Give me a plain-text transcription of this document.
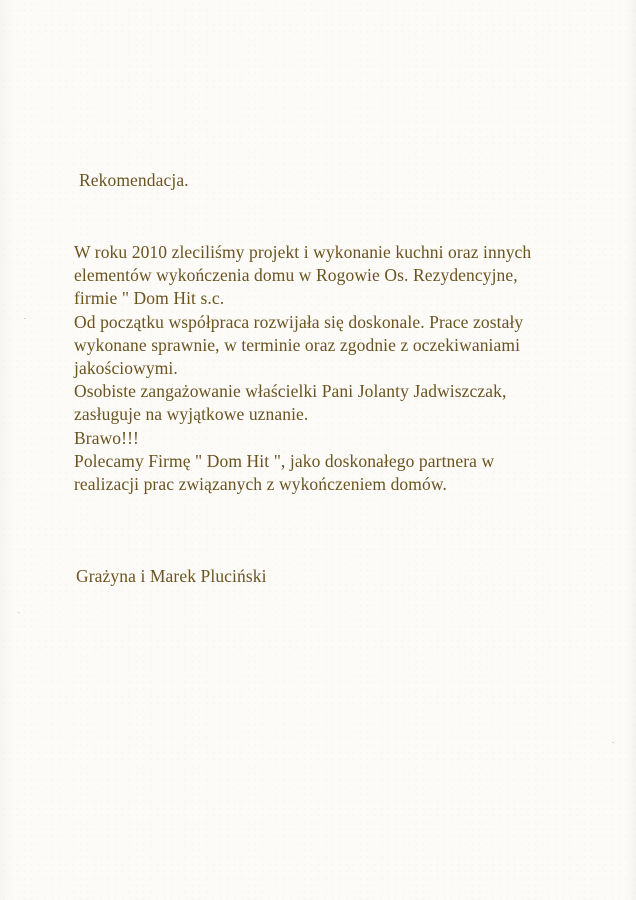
Rekomendacja.
W roku 2010 zleciliśmy projekt i wykonanie kuchni oraz innych
elementów wykończenia domu w Rogowie Os. Rezydencyjne,
firmie " Dom Hit s.c.
Od początku współpraca rozwijała się doskonale. Prace zostały
wykonane sprawnie, w terminie oraz zgodnie z oczekiwaniami
jakościowymi.
Osobiste zangażowanie właścielki Pani Jolanty Jadwiszczak,
zasługuje na wyjątkowe uznanie.
Brawo!!!
Polecamy Firmę " Dom Hit ", jako doskonałego partnera w
realizacji prac związanych z wykończeniem domów.
Grażyna i Marek Pluciński
